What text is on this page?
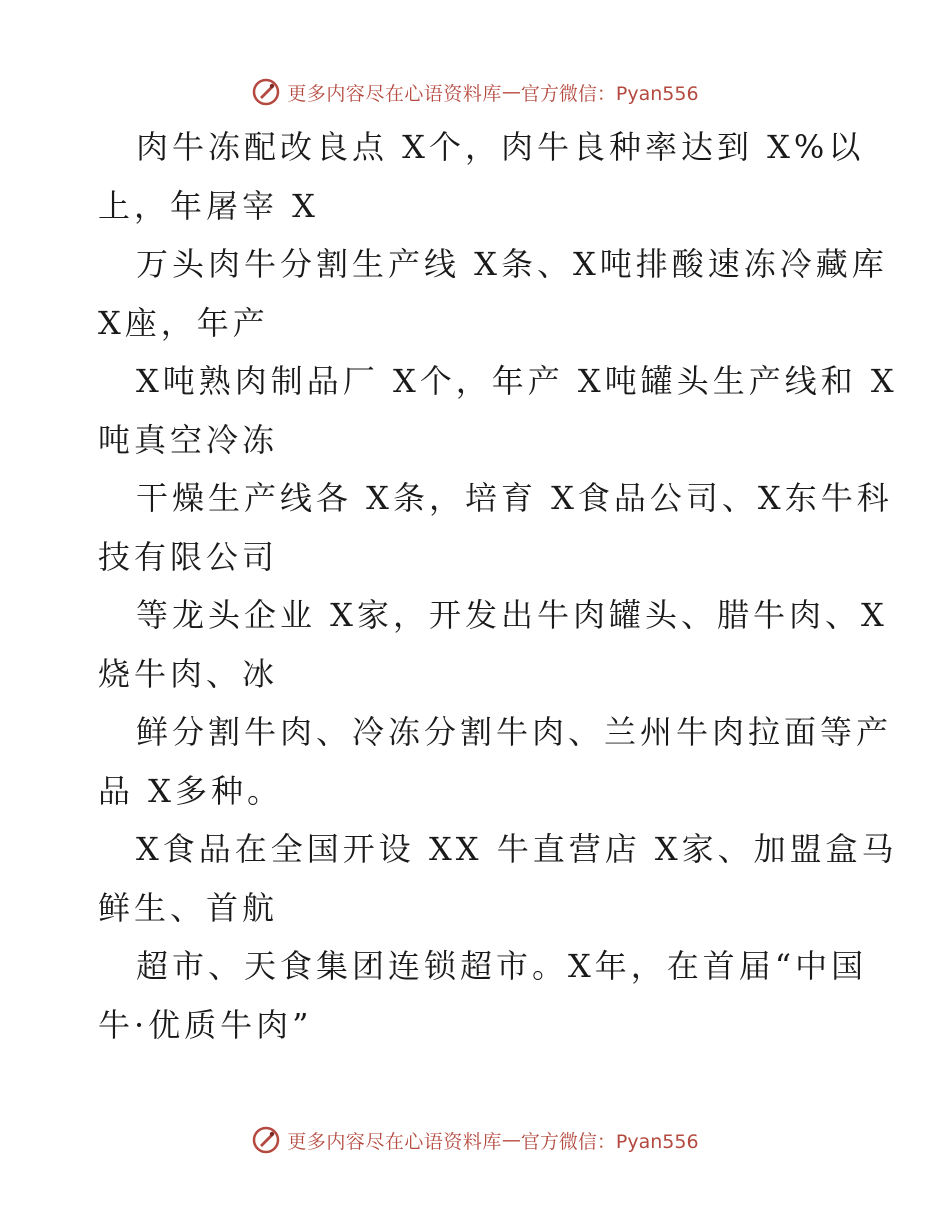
更多内容尽在心语资料库 — 官方微信：Pyan556

肉牛冻配改良点 X个，肉牛良种率达到 X%以

上，年屠宰 X

万头肉牛分割生产线 X条、X吨排酸速冻冷藏库

X座，年产

X吨熟肉制品厂 X个，年产 X吨罐头生产线和 X

吨真空冷冻

干燥生产线各 X条，培育 X食品公司、X东牛科

技有限公司

等龙头企业 X家，开发出牛肉罐头、腊牛肉、X

烧牛肉、冰

鲜分割牛肉、冷冻分割牛肉、兰州牛肉拉面等产

品 X多种。

X食品在全国开设 XX 牛直营店 X家、加盟盒马

鲜生、首航

超市、天食集团连锁超市。X年，在首届“中国

牛·优质牛肉”

更多内容尽在心语资料库 — 官方微信：Pyan556
